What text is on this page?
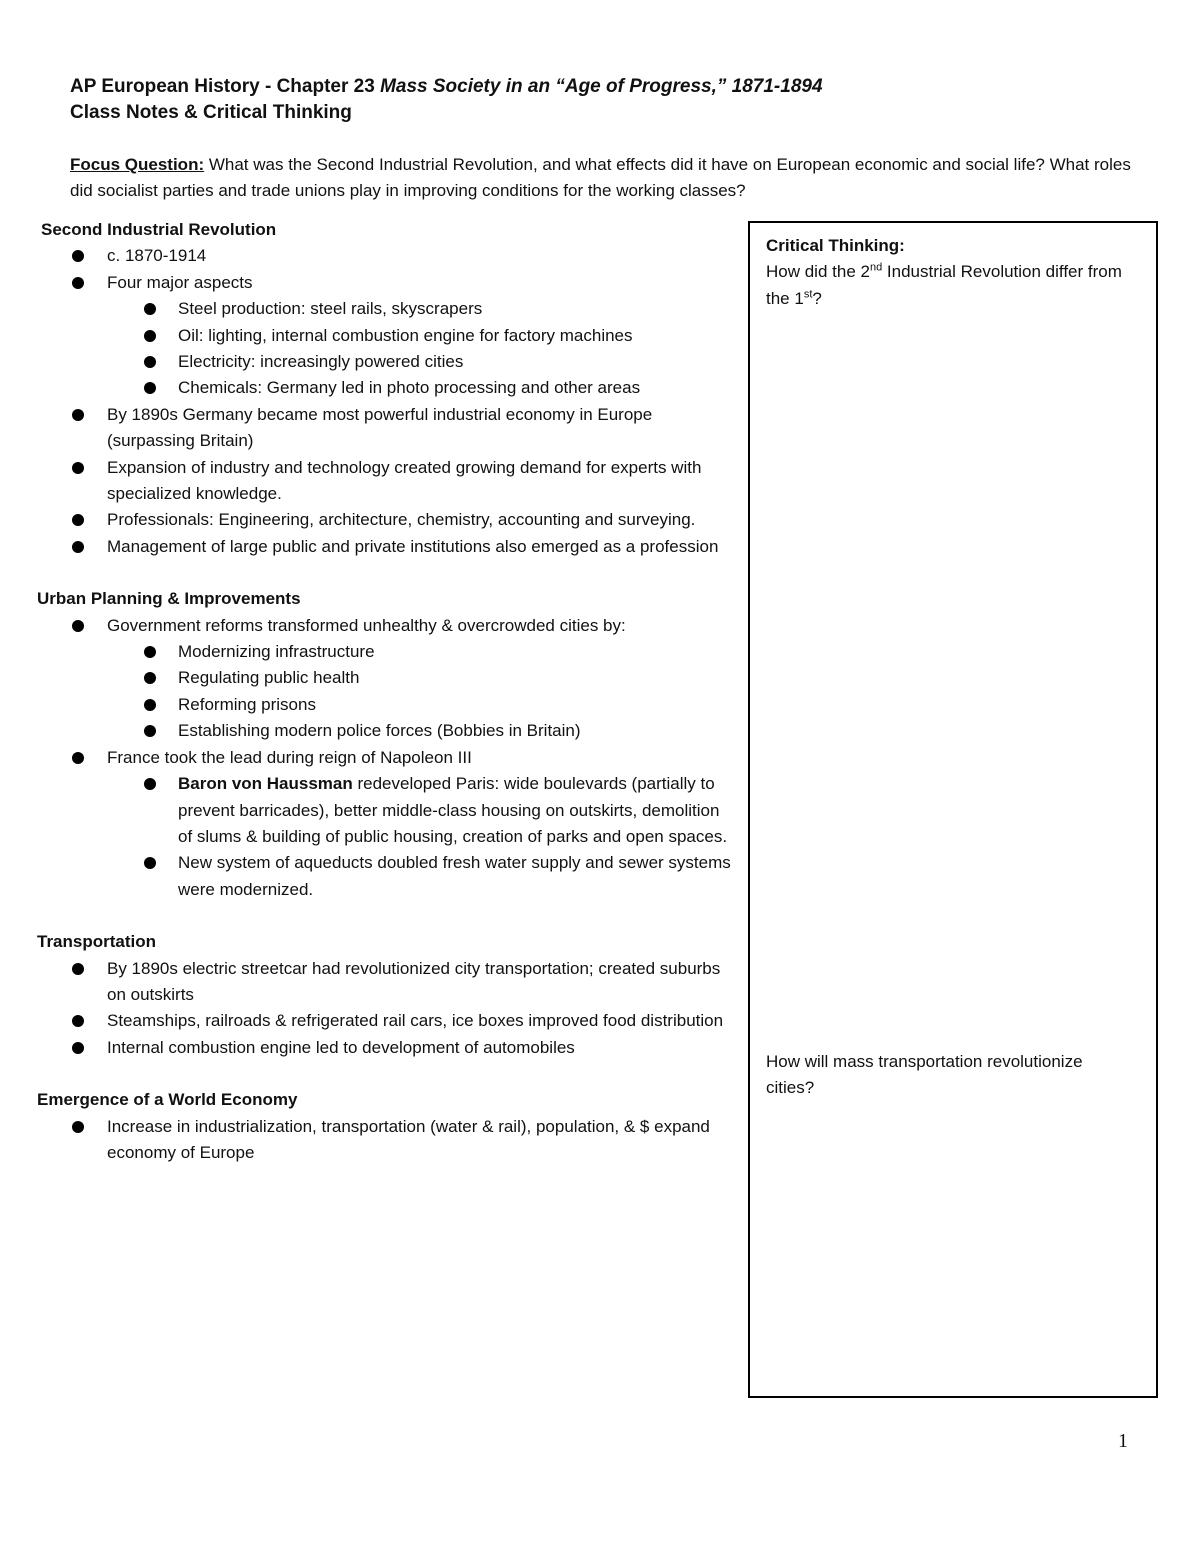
AP European History - Chapter 23 Mass Society in an “Age of Progress,” 1871-1894
Class Notes & Critical Thinking
Focus Question: What was the Second Industrial Revolution, and what effects did it have on European economic and social life? What roles did socialist parties and trade unions play in improving conditions for the working classes?
Second Industrial Revolution
c. 1870-1914
Four major aspects
Steel production: steel rails, skyscrapers
Oil: lighting, internal combustion engine for factory machines
Electricity: increasingly powered cities
Chemicals: Germany led in photo processing and other areas
By 1890s Germany became most powerful industrial economy in Europe (surpassing Britain)
Expansion of industry and technology created growing demand for experts with specialized knowledge.
Professionals: Engineering, architecture, chemistry, accounting and surveying.
Management of large public and private institutions also emerged as a profession
Urban Planning & Improvements
Government reforms transformed unhealthy & overcrowded cities by:
Modernizing infrastructure
Regulating public health
Reforming prisons
Establishing modern police forces (Bobbies in Britain)
France took the lead during reign of Napoleon III
Baron von Haussman redeveloped Paris: wide boulevards (partially to prevent barricades), better middle-class housing on outskirts, demolition of slums & building of public housing, creation of parks and open spaces.
New system of aqueducts doubled fresh water supply and sewer systems were modernized.
Transportation
By 1890s electric streetcar had revolutionized city transportation; created suburbs on outskirts
Steamships, railroads & refrigerated rail cars, ice boxes improved food distribution
Internal combustion engine led to development of automobiles
Emergence of a World Economy
Increase in industrialization, transportation (water & rail), population, & $ expand economy of Europe
Critical Thinking:
How did the 2nd Industrial Revolution differ from the 1st?
How will mass transportation revolutionize cities?
1
